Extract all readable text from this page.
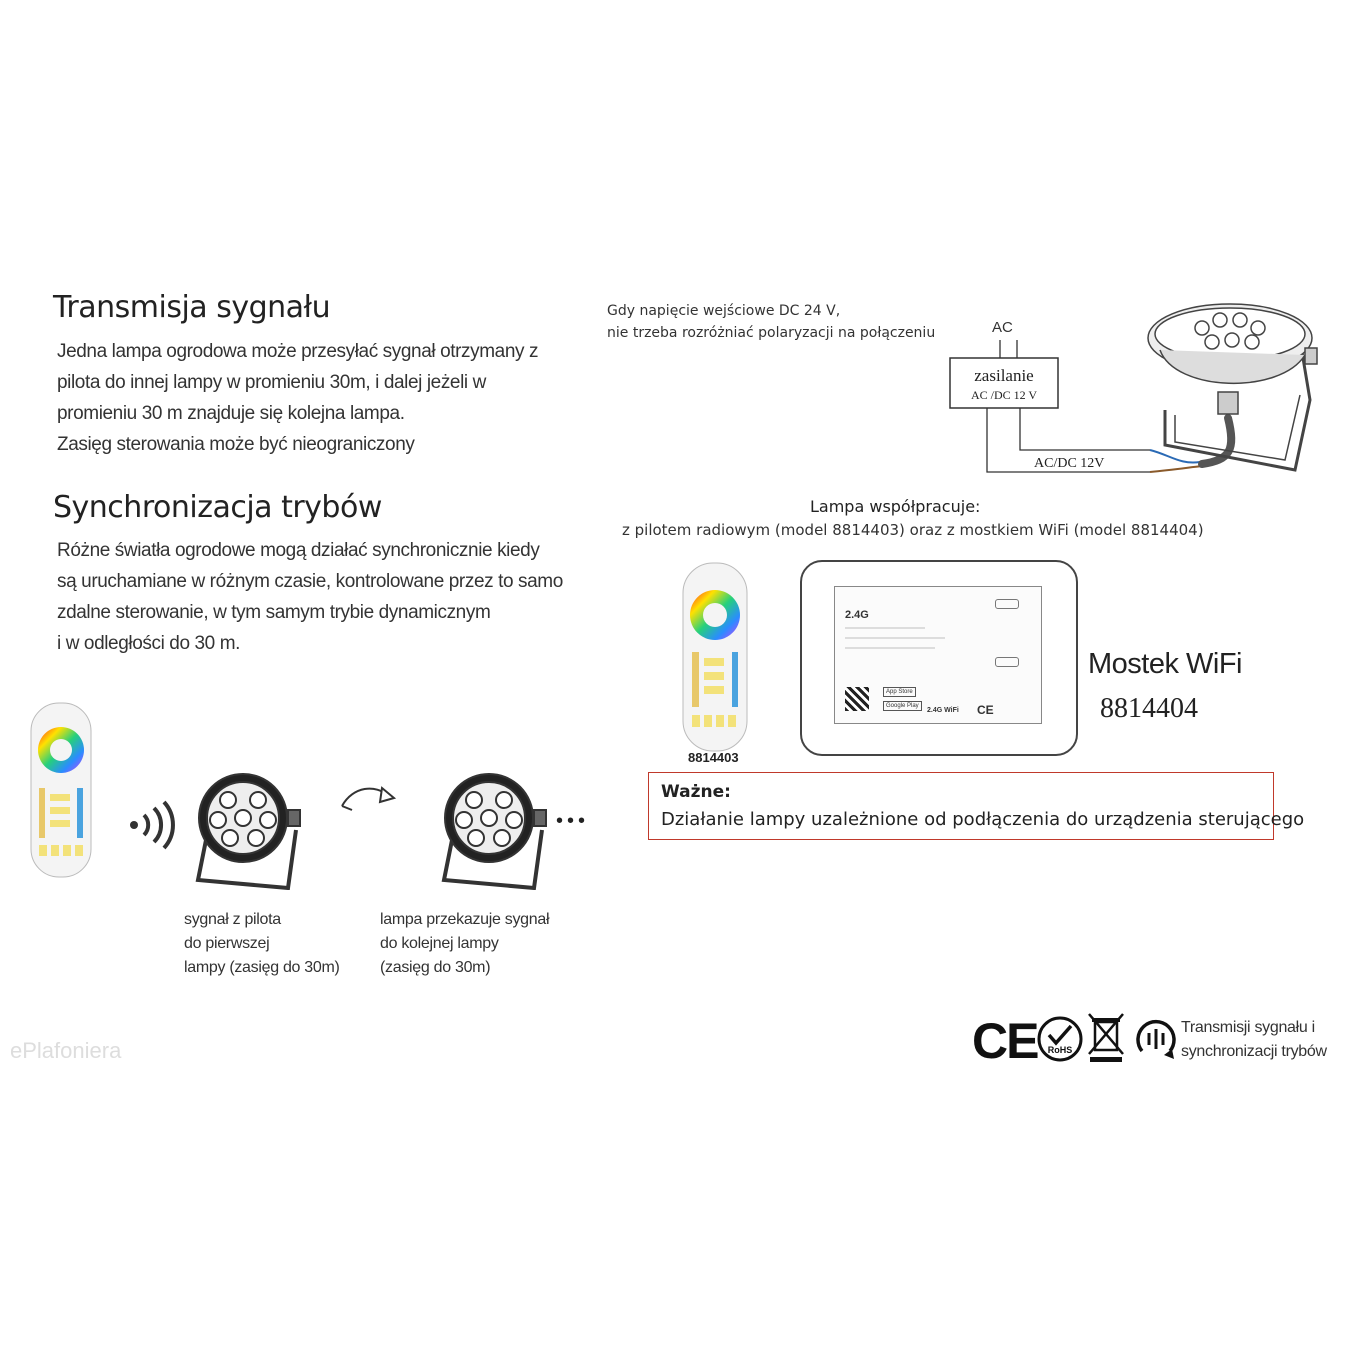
Transmisja sygnału
Jedna lampa ogrodowa może przesyłać sygnał otrzymany z
pilota do innej lampy w promieniu 30m, i dalej jeżeli w
promieniu 30 m znajduje się kolejna lampa.
Zasięg sterowania może być nieograniczony
Synchronizacja trybów
Różne światła ogrodowe mogą działać synchronicznie kiedy
są uruchamiane w różnym czasie, kontrolowane przez to samo
zdalne sterowanie, w tym samym trybie dynamicznym
i w odległości do 30 m.
Gdy napięcie wejściowe DC 24 V,
nie trzeba rozróżniać polaryzacji na połączeniu	AC
zasilanie
AC /DC 12 V
AC/DC 12V
Lampa współpracuje:
z pilotem radiowym (model 8814403) oraz z mostkiem WiFi (model 8814404)
8814403
2.4G
App Store
Google Play
2.4G WiFi CE
Mostek WiFi
8814404
Ważne:
Działanie lampy uzależnione od podłączenia do urządzenia sterującego
•••
sygnał z pilota
do pierwszej
lampy (zasięg do 30m)
lampa przekazuje sygnał
do kolejnej lampy
(zasięg do 30m)
ePlafoniera	CE RoHS
Transmisji sygnału i
synchronizacji trybów
